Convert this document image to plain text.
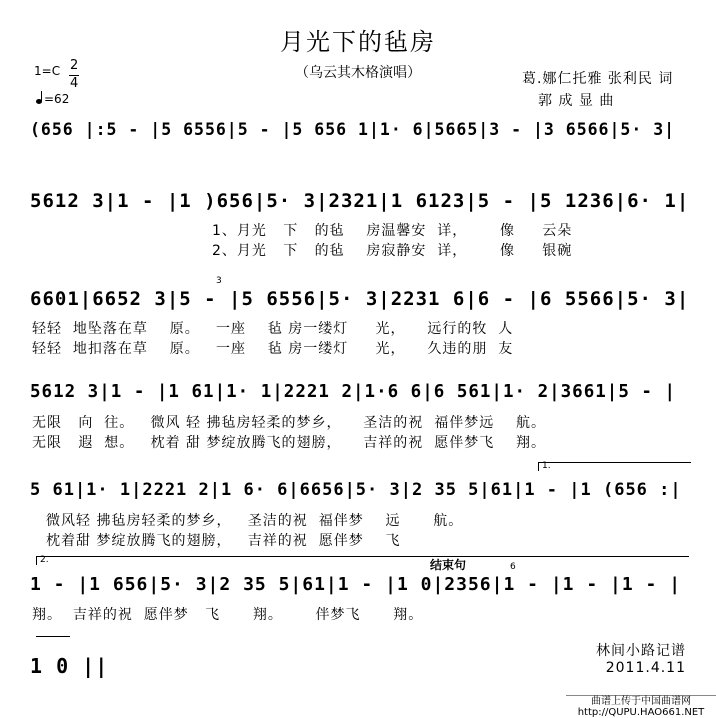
月光下的毡房
（乌云其木格演唱）	葛.娜仁托雅 张利民 词
郭 成 显 曲
1=C 2
4
=62
(656 |:5 - |5 6556|5 - |5 656 1|1· 6|5665|3 - |3 6566|5· 3|
5612 3|1 - |1 )656|5· 3|2321|1 6123|5 - |5 1236|6· 1|
1、月光   下   的毡    房温馨安  详，      像     云朵
2、月光   下   的毡    房寂静安  详，      像     银碗
6601|6652 3|5 - |5 6556|5· 3|2231 6|6 - |6 5566|5· 3|
3
轻轻  地坠落在草    原。   一座    毡 房一缕灯     光，    远行的牧  人
轻轻  地扣落在草    原。   一座    毡 房一缕灯     光，    久违的朋  友
5612 3|1 - |1 61|1· 1|2221 2|1·6 6|6 561|1· 2|3661|5 - |
无限   向  往。   微风 轻 拂毡房轻柔的梦乡，    圣洁的祝  福伴梦远    航。
无限   遐  想。   枕着 甜 梦绽放腾飞的翅膀，    吉祥的祝  愿伴梦飞    翔。
1.
5 61|1· 1|2221 2|1 6· 6|6656|5· 3|2 35 5|61|1 - |1 (656 :|
微风轻 拂毡房轻柔的梦乡，   圣洁的祝  福伴梦    远      航。
枕着甜 梦绽放腾飞的翅膀，   吉祥的祝  愿伴梦    飞
2.	结束句	6
1 - |1 656|5· 3|2 35 5|61|1 - |1 0|2356|1 - |1 - |1 - |
翔。  吉祥的祝  愿伴梦   飞      翔。      伴梦飞      翔。
1 0 ||
林间小路记谱
2011.4.11
曲谱上传于中国曲谱网
http://QUPU.HAO661.NET
